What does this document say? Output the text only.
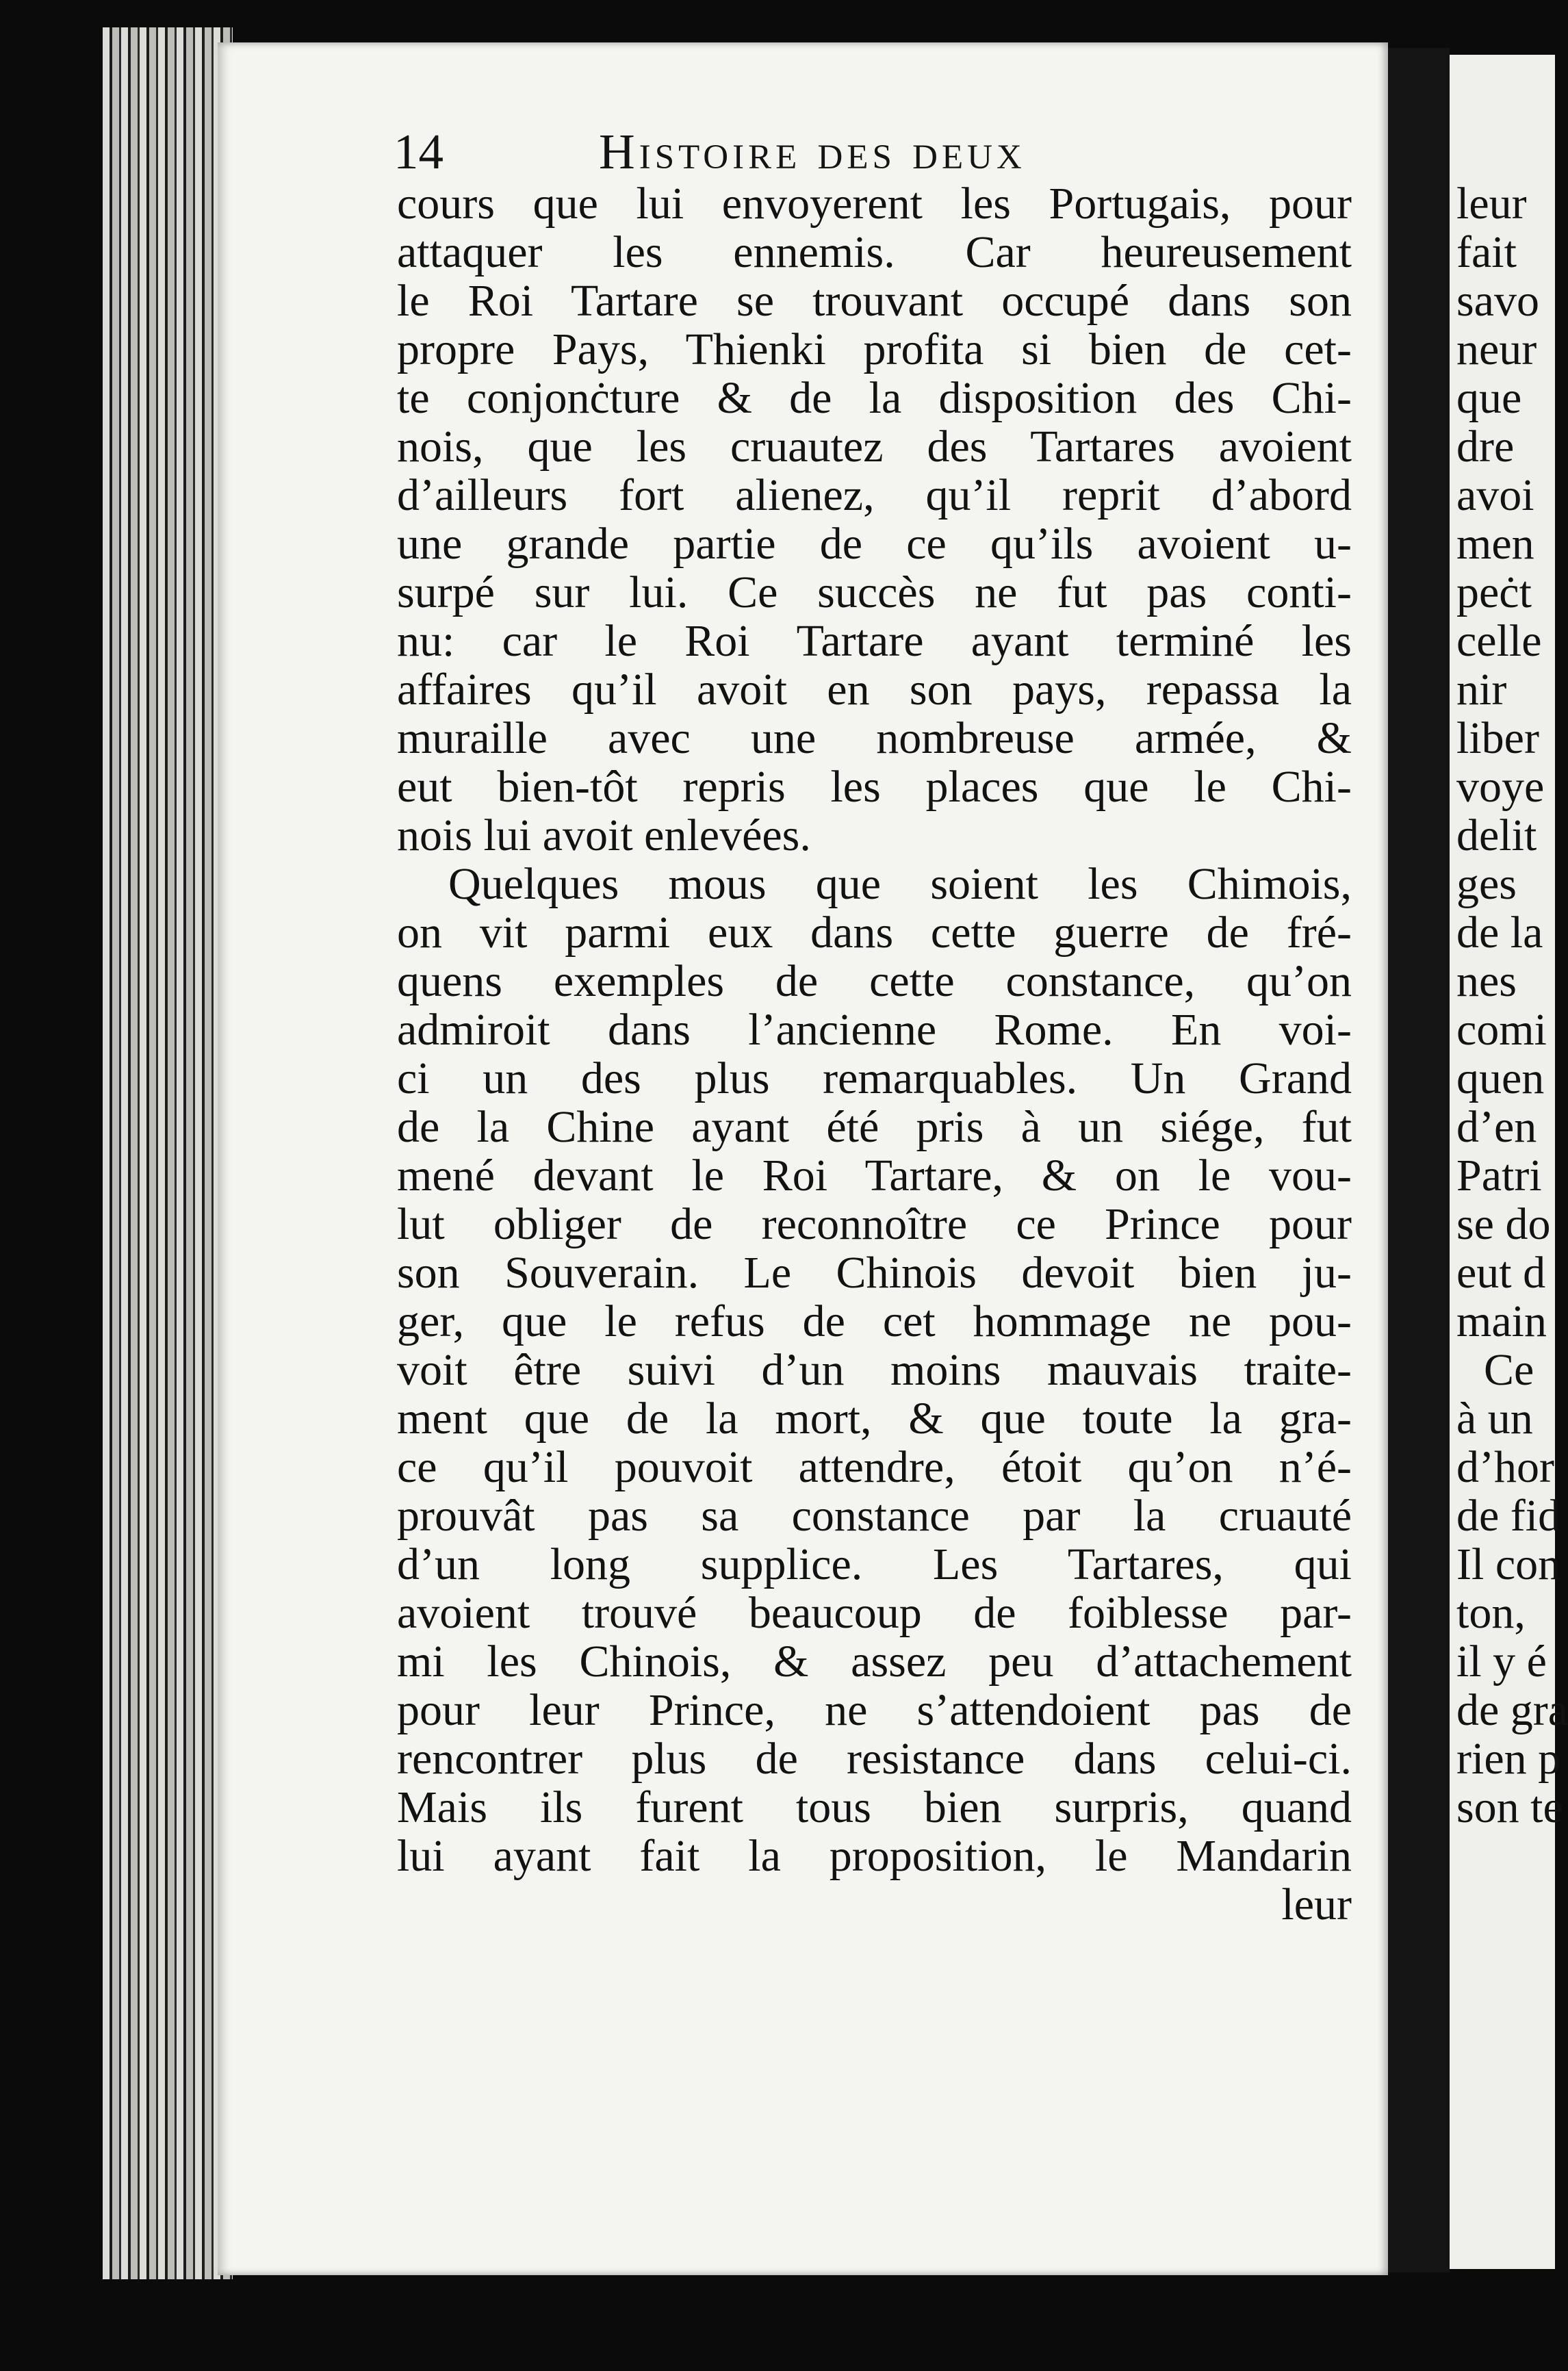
14	Histoire des deux
cours que lui envoyerent les Portugais, pour
attaquer les ennemis. Car heureusement
le Roi Tartare se trouvant occupé dans son
propre Pays, Thienki profita si bien de cet-
te conjonċture & de la disposition des Chi-
nois, que les cruautez des Tartares avoient
d’ailleurs fort alienez, qu’il reprit d’abord
une grande partie de ce qu’ils avoient u-
surpé sur lui. Ce succès ne fut pas conti-
nu: car le Roi Tartare ayant terminé les
affaires qu’il avoit en son pays, repassa la
muraille avec une nombreuse armée, &
eut bien-tôt repris les places que le Chi-
nois lui avoit enlevées.
Quelques mous que soient les Chimois,
on vit parmi eux dans cette guerre de fré-
quens exemples de cette constance, qu’on
admiroit dans l’ancienne Rome. En voi-
ci un des plus remarquables. Un Grand
de la Chine ayant été pris à un siége, fut
mené devant le Roi Tartare, & on le vou-
lut obliger de reconnoître ce Prince pour
son Souverain. Le Chinois devoit bien ju-
ger, que le refus de cet hommage ne pou-
voit être suivi d’un moins mauvais traite-
ment que de la mort, & que toute la gra-
ce qu’il pouvoit attendre, étoit qu’on n’é-
prouvât pas sa constance par la cruauté
d’un long supplice. Les Tartares, qui
avoient trouvé beaucoup de foiblesse par-
mi les Chinois, & assez peu d’attachement
pour leur Prince, ne s’attendoient pas de
rencontrer plus de resistance dans celui-ci.
Mais ils furent tous bien surpris, quand
lui ayant fait la proposition, le Mandarin
leur
leur
fait
savo
neur
que
dre
avoi
men
peċt
celle
nir
liber
voye
delit
ges
de la
nes
comi
quen
d’en
Patri
se do
eut d
main
Ce
à un
d’hor
de fid
Il con
ton,
il y é
de gra
rien p
son te
